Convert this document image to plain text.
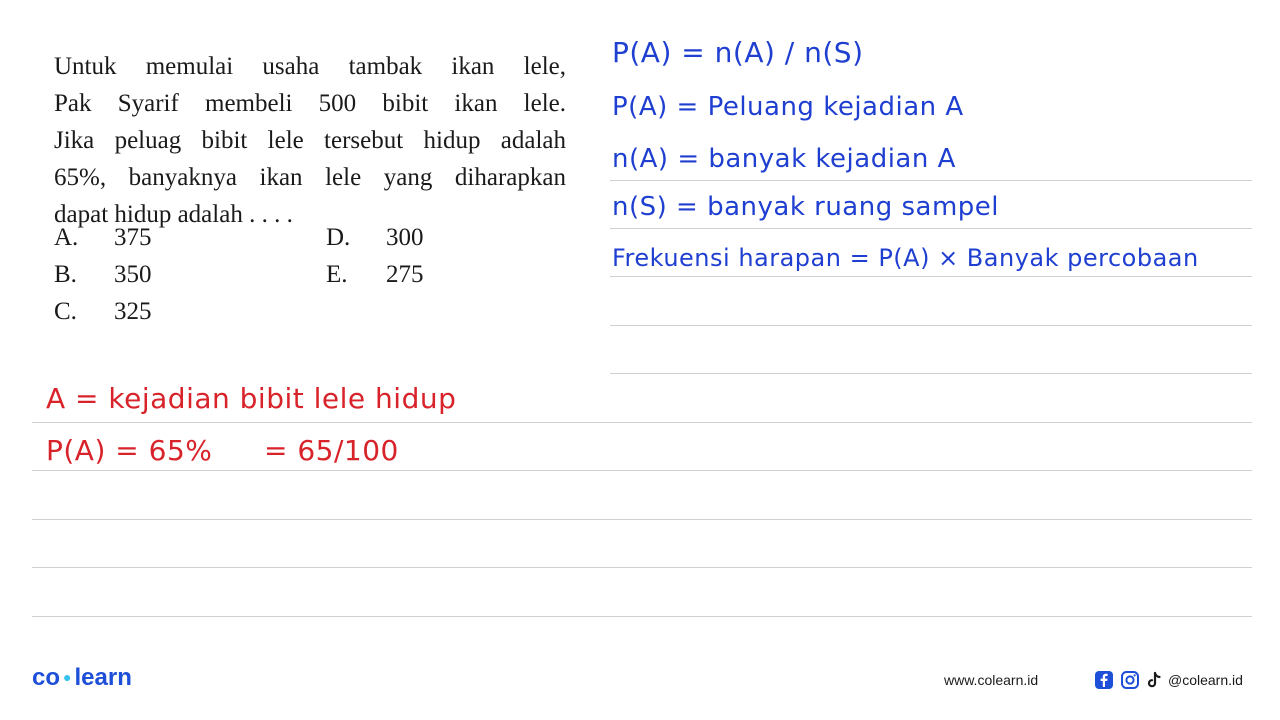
Untuk memulai usaha tambak ikan lele,
Pak Syarif membeli 500 bibit ikan lele.
Jika peluag bibit lele tersebut hidup adalah
65%, banyaknya ikan lele yang diharapkan
dapat hidup adalah . . . .
A. 375
B. 350
C. 325
D. 300
E. 275
P(A) = n(A) / n(S)
P(A) = Peluang kejadian A
n(A) = banyak kejadian A
n(S) = banyak ruang sampel
Frekuensi harapan = P(A) × Banyak percobaan
A = kejadian bibit lele hidup
P(A) = 65% = 65/100
co ● learn	www.colearn.id	@colearn.id
